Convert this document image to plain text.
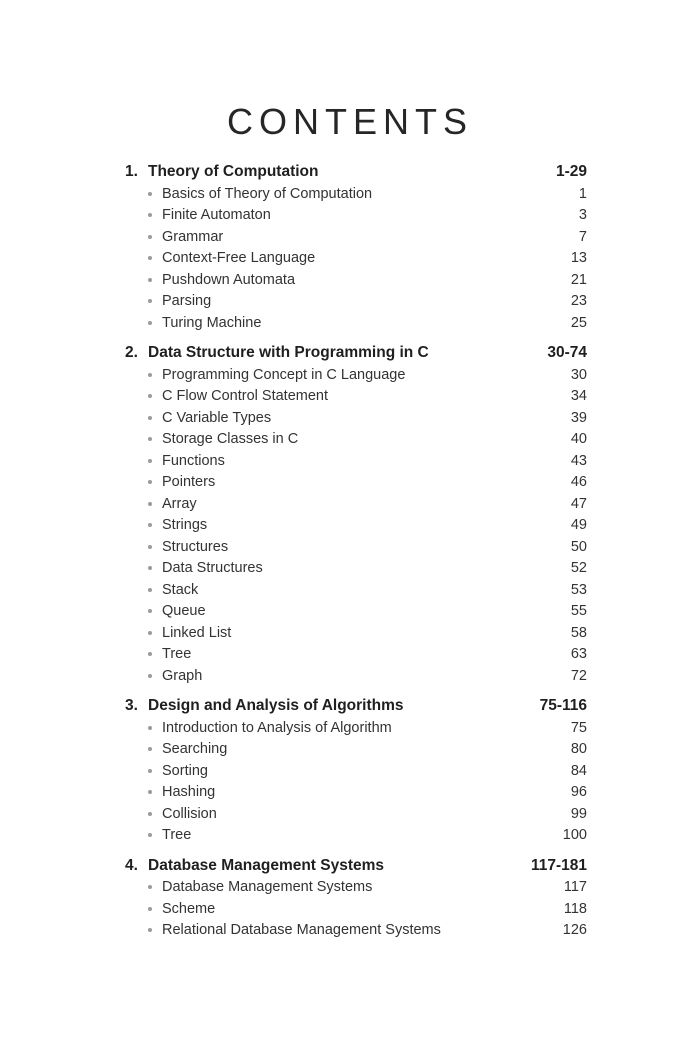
CONTENTS
1. Theory of Computation	1-29
Basics of Theory of Computation	1
Finite Automaton	3
Grammar	7
Context-Free Language	13
Pushdown Automata	21
Parsing	23
Turing Machine	25
2. Data Structure with Programming in C	30-74
Programming Concept in C Language	30
C Flow Control Statement	34
C Variable Types	39
Storage Classes in C	40
Functions	43
Pointers	46
Array	47
Strings	49
Structures	50
Data Structures	52
Stack	53
Queue	55
Linked List	58
Tree	63
Graph	72
3. Design and Analysis of Algorithms	75-116
Introduction to Analysis of Algorithm	75
Searching	80
Sorting	84
Hashing	96
Collision	99
Tree	100
4. Database Management Systems	117-181
Database Management Systems	117
Scheme	118
Relational Database Management Systems	126
